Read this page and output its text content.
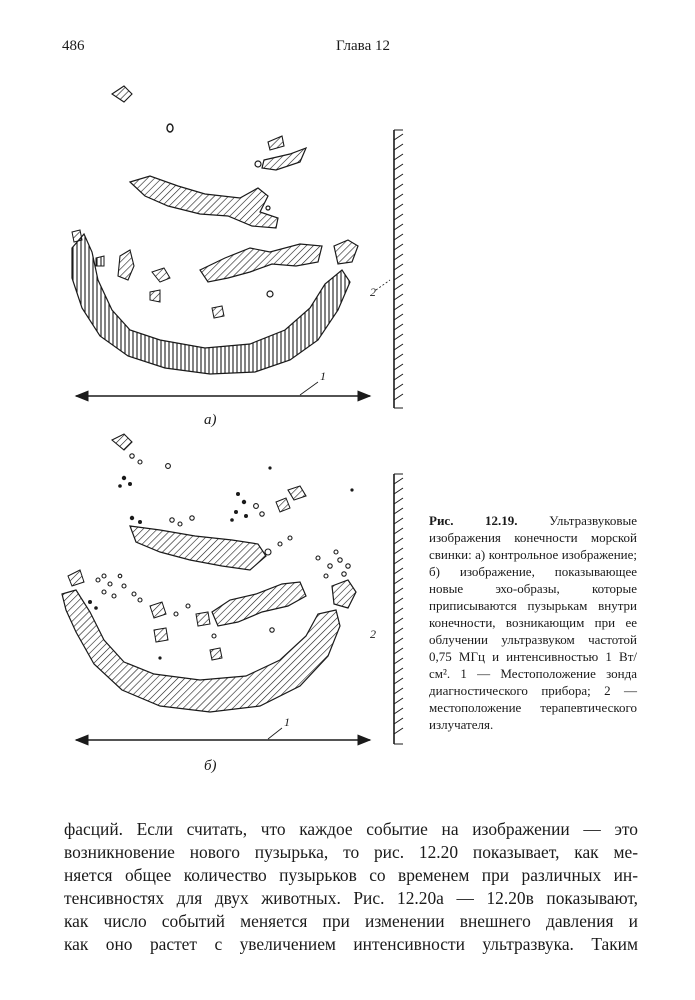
486	Глава 12
2
1
а)
2
1
б)
Рис. 12.19. Ультразвуковые изображения конечности морской свинки: а) контрольное изображение; б) изображение, показывающее новые эхо-образы, которые приписываются пузырькам внутри конечности, возникающим при ее облучении ультразвуком частотой 0,75 МГц и интенсивностью 1 Вт/см². 1 — Местоположение зонда диагностического прибора; 2 — местоположение терапевтического излучателя.
фасций. Если считать, что каждое событие на изображении — это
возникновение нового пузырька, то рис. 12.20 показывает, как ме-
няется общее количество пузырьков со временем при различных ин-
тенсивностях для двух животных. Рис. 12.20а — 12.20в показывают,
как число событий меняется при изменении внешнего давления и
как оно растет с увеличением интенсивности ультразвука. Таким
